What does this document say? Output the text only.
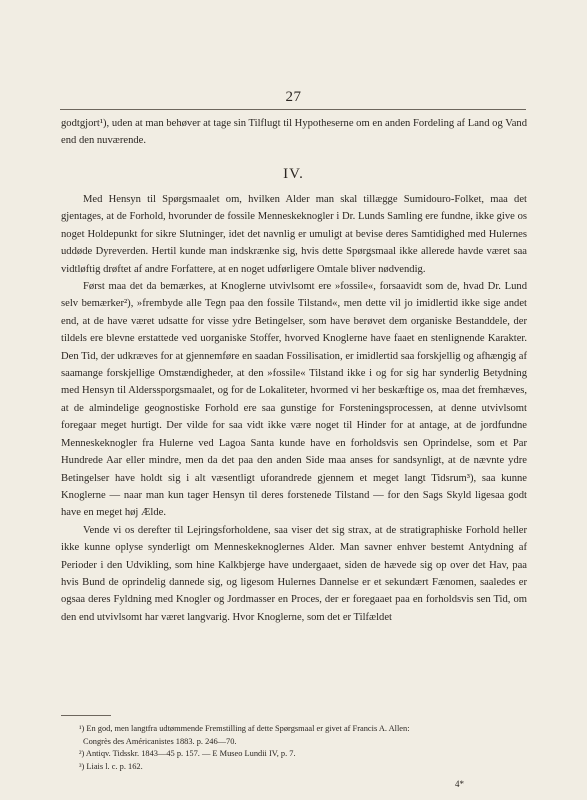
27

godtgjort¹), uden at man behøver at tage sin Tilflugt til Hypotheserne om en anden Fordeling af Land og Vand end den nuværende.

IV.

Med Hensyn til Spørgsmaalet om, hvilken Alder man skal tillægge Sumidouro-Folket, maa det gjentages, at de Forhold, hvorunder de fossile Menneskeknogler i Dr. Lunds Samling ere fundne, ikke give os noget Holdepunkt for sikre Slutninger, idet det navnlig er umuligt at bevise deres Samtidighed med Hulernes uddøde Dyreverden. Hertil kunde man indskrænke sig, hvis dette Spørgsmaal ikke allerede havde været saa vidtløftig drøftet af andre Forfattere, at en noget udførligere Omtale bliver nødvendig.

Først maa det da bemærkes, at Knoglerne utvivlsomt ere »fossile«, forsaavidt som de, hvad Dr. Lund selv bemærker²), »frembyde alle Tegn paa den fossile Tilstand«, men dette vil jo imidlertid ikke sige andet end, at de have været udsatte for visse ydre Betingelser, som have berøvet dem organiske Bestanddele, der tildels ere blevne erstattede ved uorganiske Stoffer, hvorved Knoglerne have faaet en stenlignende Karakter. Den Tid, der udkræves for at gjennemføre en saadan Fossilisation, er imidlertid saa forskjellig og afhængig af saamange forskjellige Omstændigheder, at den »fossile« Tilstand ikke i og for sig har synderlig Betydning med Hensyn til Alderssporgsmaalet, og for de Lokaliteter, hvormed vi her beskæftige os, maa det fremhæves, at de almindelige geognostiske Forhold ere saa gunstige for Forsteningsprocessen, at denne utvivlsomt foregaar meget hurtigt. Der vilde for saa vidt ikke være noget til Hinder for at antage, at de jordfundne Menneskeknogler fra Hulerne ved Lagoa Santa kunde have en forholdsvis sen Oprindelse, som et Par Hundrede Aar eller mindre, men da det paa den anden Side maa anses for sandsynligt, at de nævnte ydre Betingelser have holdt sig i alt væsentligt uforandrede gjennem et meget langt Tidsrum³), saa kunne Knoglerne — naar man kun tager Hensyn til deres forstenede Tilstand — for den Sags Skyld ligesaa godt have en meget høj Ælde.

Vende vi os derefter til Lejringsforholdene, saa viser det sig strax, at de stratigraphiske Forhold heller ikke kunne oplyse synderligt om Menneskeknoglernes Alder. Man savner enhver bestemt Antydning af Perioder i den Udvikling, som hine Kalkbjerge have undergaaet, siden de hævede sig op over det Hav, paa hvis Bund de oprindelig dannede sig, og ligesom Hulernes Dannelse er et sekundært Fænomen, saaledes er ogsaa deres Fyldning med Knogler og Jordmasser en Proces, der er foregaaet paa en forholdsvis sen Tid, om den end utvivlsomt har været langvarig. Hvor Knoglerne, som det er Tilfældet

¹) En god, men langtfra udtømmende Fremstilling af dette Spørgsmaal er givet af Francis A. Allen:
Congrès des Américanistes 1883. p. 246—70.

²) Antiqv. Tidsskr. 1843—45 p. 157. — E Museo Lundii IV, p. 7.

³) Liais l. c. p. 162.

4*
